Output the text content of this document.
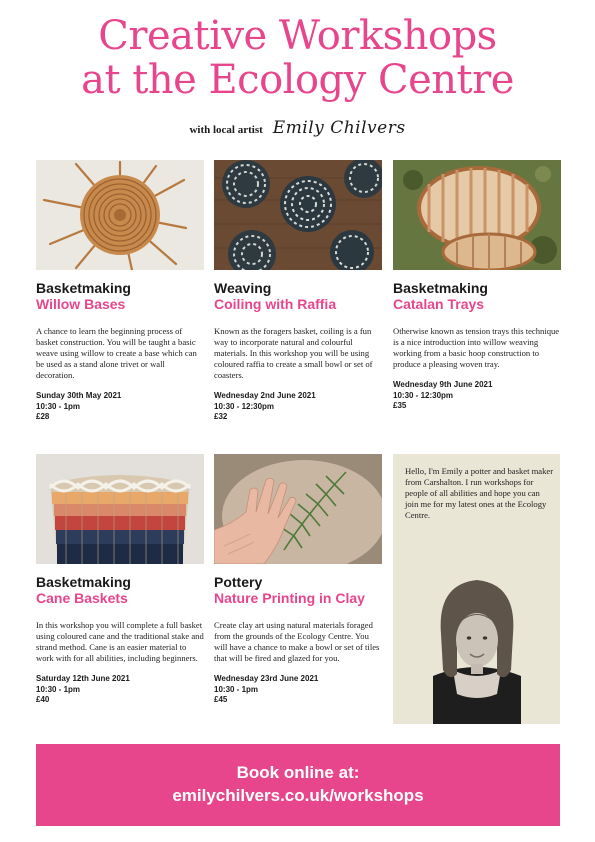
Creative Workshops
at the Ecology Centre
with local artist Emily Chilvers
Basketmaking
Willow Bases
A chance to learn the beginning process of basket construction. You will be taught a basic weave using willow to create a base which can be used as a stand alone trivet or wall decoration.
Sunday 30th May 2021
10:30 - 1pm
£28
Weaving
Coiling with Raffia
Known as the foragers basket, coiling is a fun way to incorporate natural and colourful materials. In this workshop you will be using coloured raffia to create a small bowl or set of coasters.
Wednesday 2nd June 2021
10:30 - 12:30pm
£32
Basketmaking
Catalan Trays
Otherwise known as tension trays this technique is a nice introduction into willow weaving working from a basic hoop construction to produce a pleasing woven tray.
Wednesday 9th June 2021
10:30 - 12:30pm
£35
Basketmaking
Cane Baskets
In this workshop you will complete a full basket using coloured cane and the traditional stake and strand method. Cane is an easier material to work with for all abilities, including beginners.
Saturday 12th June 2021
10:30 - 1pm
£40
Pottery
Nature Printing in Clay
Create clay art using natural materials foraged from the grounds of the Ecology Centre. You will have a chance to make a bowl or set of tiles that will be fired and glazed for you.
Wednesday 23rd June 2021
10:30 - 1pm
£45
Hello, I'm Emily a potter and basket maker from Carshalton. I run workshops for people of all abilities and hope you can join me for my latest ones at the Ecology Centre.
Book online at:
emilychilvers.co.uk/workshops
